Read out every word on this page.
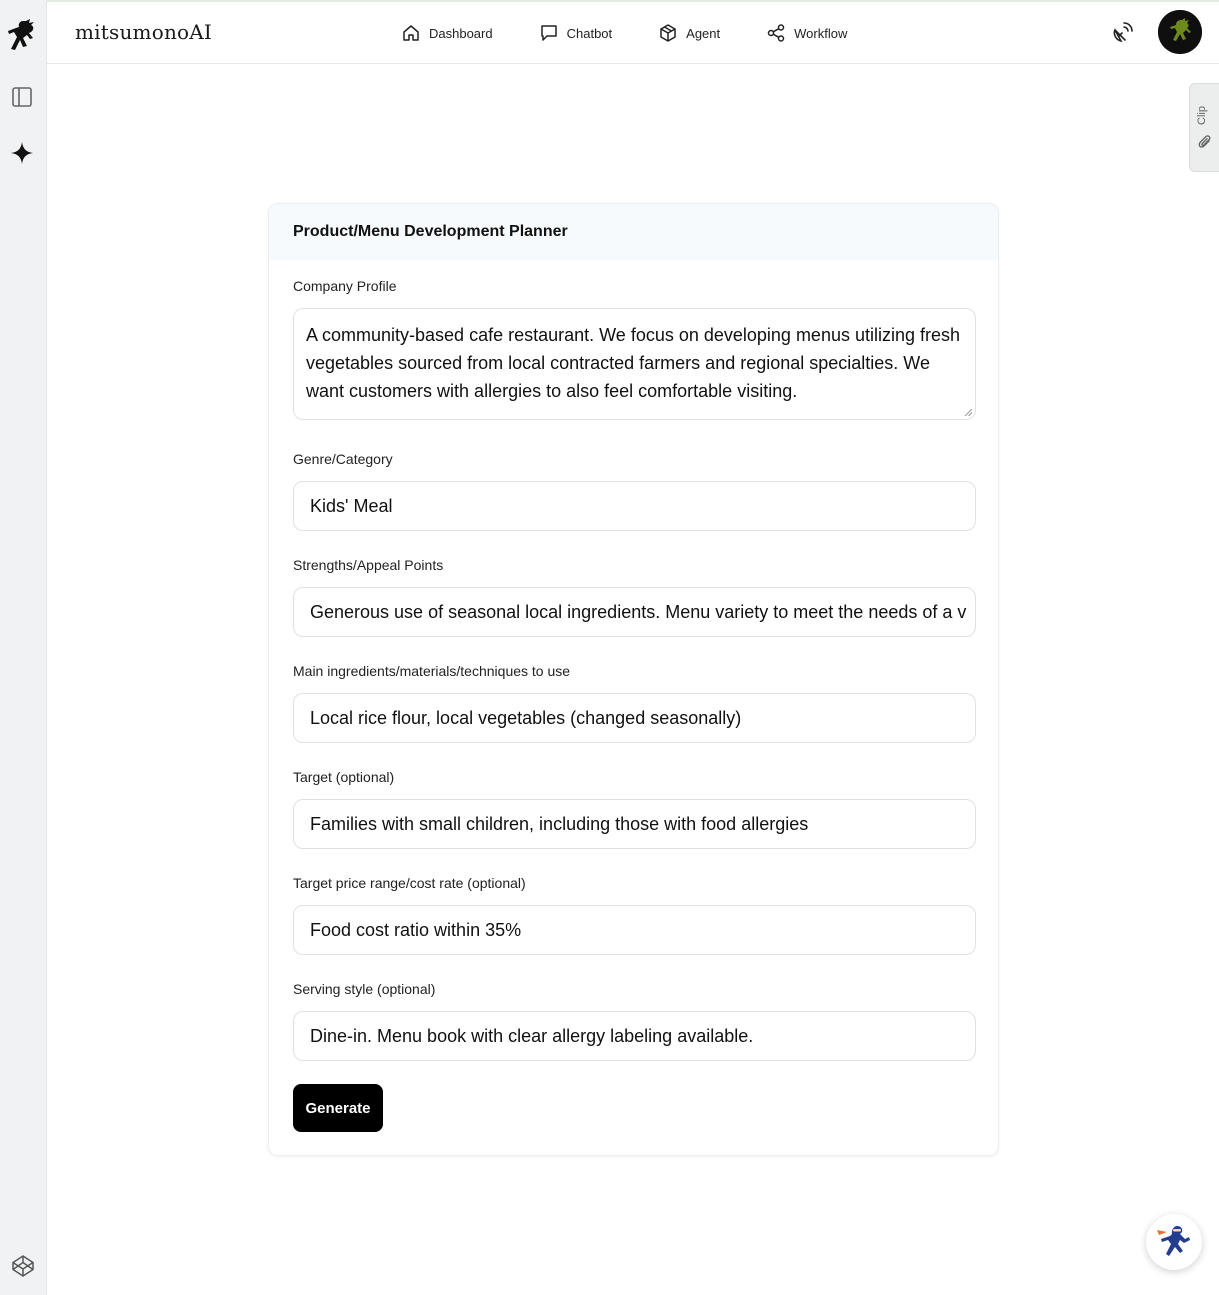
mitsumonoAI	Dashboard	Chatbot	Agent	Workflow
Clip
Product/Menu Development Planner
Company Profile
A community-based cafe restaurant. We focus on developing menus utilizing fresh vegetables sourced from local contracted farmers and regional specialties. We want customers with allergies to also feel comfortable visiting.
Genre/Category
Kids' Meal
Strengths/Appeal Points
Generous use of seasonal local ingredients. Menu variety to meet the needs of a v
Main ingredients/materials/techniques to use
Local rice flour, local vegetables (changed seasonally)
Target (optional)
Families with small children, including those with food allergies
Target price range/cost rate (optional)
Food cost ratio within 35%
Serving style (optional)
Dine-in. Menu book with clear allergy labeling available.
Generate
